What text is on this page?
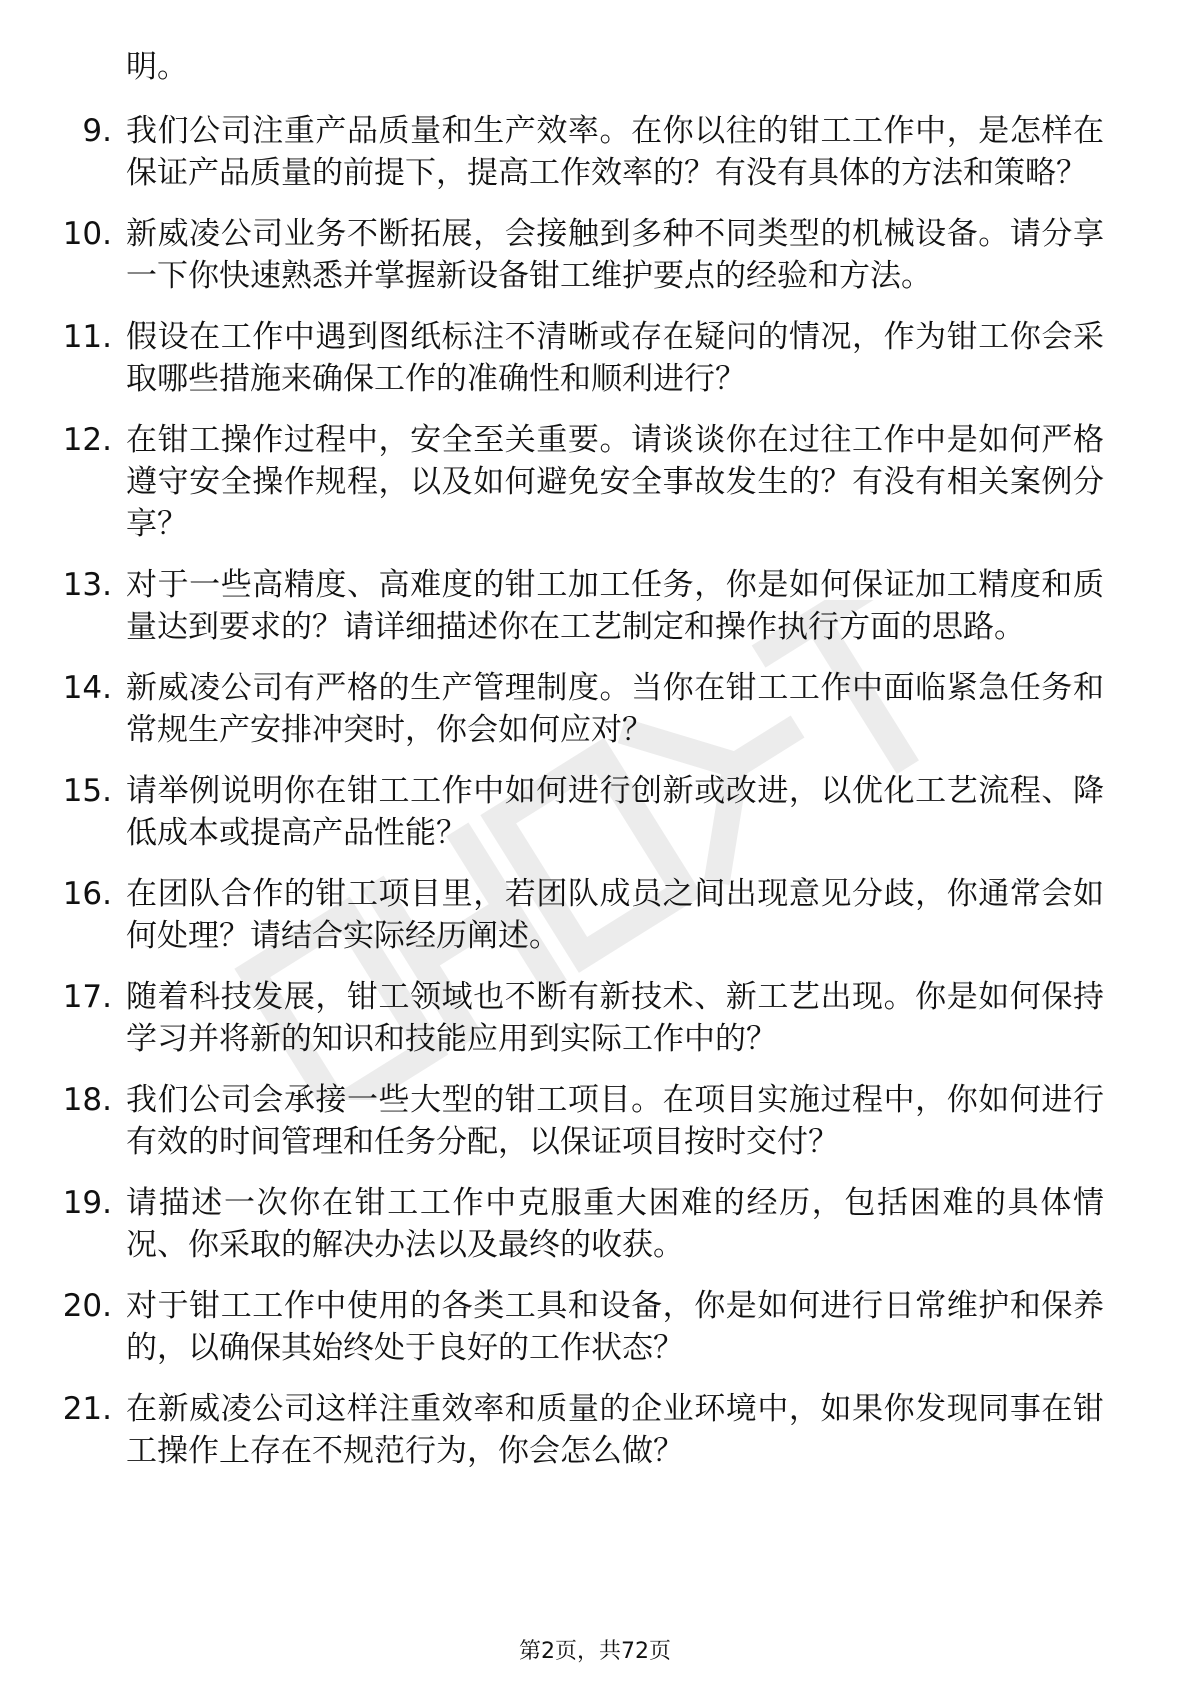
明。

9. 我们公司注重产品质量和生产效率。在你以往的钳工工作中，是怎样在保证产品质量的前提下，提高工作效率的？有没有具体的方法和策略？
10. 新威凌公司业务不断拓展，会接触到多种不同类型的机械设备。请分享一下你快速熟悉并掌握新设备钳工维护要点的经验和方法。
11. 假设在工作中遇到图纸标注不清晰或存在疑问的情况，作为钳工你会采取哪些措施来确保工作的准确性和顺利进行？
12. 在钳工操作过程中，安全至关重要。请谈谈你在过往工作中是如何严格遵守安全操作规程，以及如何避免安全事故发生的？有没有相关案例分享？
13. 对于一些高精度、高难度的钳工加工任务，你是如何保证加工精度和质量达到要求的？请详细描述你在工艺制定和操作执行方面的思路。
14. 新威凌公司有严格的生产管理制度。当你在钳工工作中面临紧急任务和常规生产安排冲突时，你会如何应对？
15. 请举例说明你在钳工工作中如何进行创新或改进，以优化工艺流程、降低成本或提高产品性能？
16. 在团队合作的钳工项目里，若团队成员之间出现意见分歧，你通常会如何处理？请结合实际经历阐述。
17. 随着科技发展，钳工领域也不断有新技术、新工艺出现。你是如何保持学习并将新的知识和技能应用到实际工作中的？
18. 我们公司会承接一些大型的钳工项目。在项目实施过程中，你如何进行有效的时间管理和任务分配，以保证项目按时交付？
19. 请描述一次你在钳工工作中克服重大困难的经历，包括困难的具体情况、你采取的解决办法以及最终的收获。
20. 对于钳工工作中使用的各类工具和设备，你是如何进行日常维护和保养的，以确保其始终处于良好的工作状态？
21. 在新威凌公司这样注重效率和质量的企业环境中，如果你发现同事在钳工操作上存在不规范行为，你会怎么做？
第2页，共72页
